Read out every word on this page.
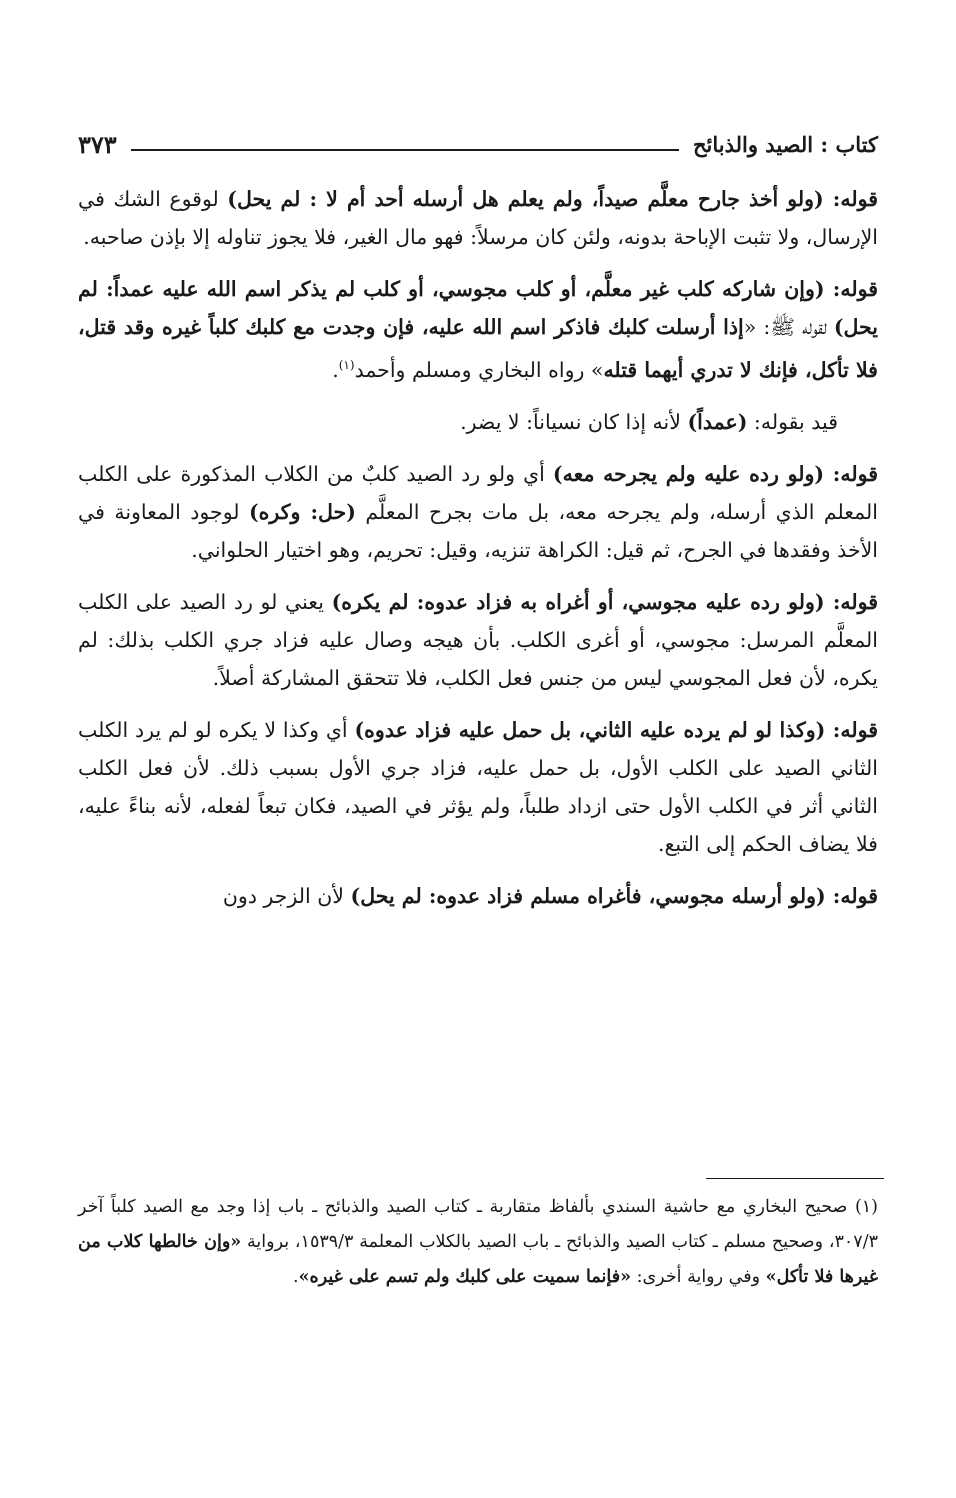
كتاب : الصيد والذبائح
٣٧٣

قوله: (ولو أخذ جارح معلَّم صيداً، ولم يعلم هل أرسله أحد أم لا : لم يحل) لوقوع الشك في الإرسال، ولا تثبت الإباحة بدونه، ولئن كان مرسلاً: فهو مال الغير، فلا يجوز تناوله إلا بإذن صاحبه.

قوله: (وإن شاركه كلب غير معلَّم، أو كلب مجوسي، أو كلب لم يذكر اسم الله عليه عمداً: لم يحل) لقوله ﷺ: «إذا أرسلت كلبك فاذكر اسم الله عليه، فإن وجدت مع كلبك كلباً غيره وقد قتل، فلا تأكل، فإنك لا تدري أيهما قتله» رواه البخاري ومسلم وأحمد$^{(١)}$.

قيد بقوله: (عمداً) لأنه إذا كان نسياناً: لا يضر.

قوله: (ولو رده عليه ولم يجرحه معه) أي ولو رد الصيد كلبٌ من الكلاب المذكورة على الكلب المعلم الذي أرسله، ولم يجرحه معه، بل مات بجرح المعلَّم (حل: وكره) لوجود المعاونة في الأخذ وفقدها في الجرح، ثم قيل: الكراهة تنزيه، وقيل: تحريم، وهو اختيار الحلواني.

قوله: (ولو رده عليه مجوسي، أو أغراه به فزاد عدوه: لم يكره) يعني لو رد الصيد على الكلب المعلَّم المرسل: مجوسي، أو أغرى الكلب. بأن هيجه وصال عليه فزاد جري الكلب بذلك: لم يكره، لأن فعل المجوسي ليس من جنس فعل الكلب، فلا تتحقق المشاركة أصلاً.

قوله: (وكذا لو لم يرده عليه الثاني، بل حمل عليه فزاد عدوه) أي وكذا لا يكره لو لم يرد الكلب الثاني الصيد على الكلب الأول، بل حمل عليه، فزاد جري الأول بسبب ذلك. لأن فعل الكلب الثاني أثر في الكلب الأول حتى ازداد طلباً، ولم يؤثر في الصيد، فكان تبعاً لفعله، لأنه بناءً عليه، فلا يضاف الحكم إلى التبع.

قوله: (ولو أرسله مجوسي، فأغراه مسلم فزاد عدوه: لم يحل) لأن الزجر دون

(١) صحيح البخاري مع حاشية السندي بألفاظ متقاربة ـ كتاب الصيد والذبائح ـ باب إذا وجد مع الصيد كلباً آخر ٣٠٧/٣، وصحيح مسلم ـ كتاب الصيد والذبائح ـ باب الصيد بالكلاب المعلمة ١٥٣٩/٣، برواية «وإن خالطها كلاب من غيرها فلا تأكل» وفي رواية أخرى: «فإنما سميت على كلبك ولم تسم على غيره».
